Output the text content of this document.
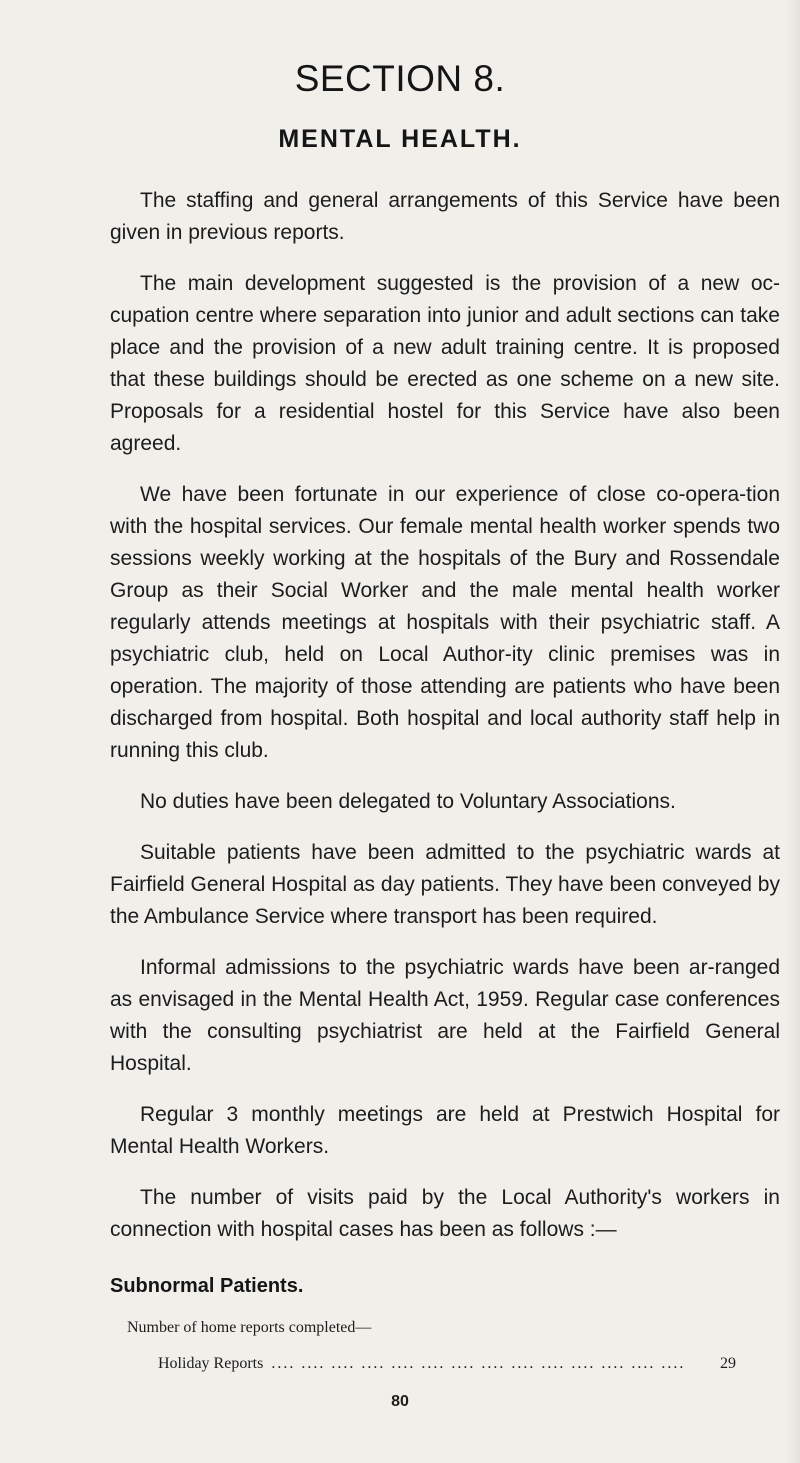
SECTION 8.
MENTAL HEALTH.

The staffing and general arrangements of this Service have been given in previous reports.

The main development suggested is the provision of a new oc-cupation centre where separation into junior and adult sections can take place and the provision of a new adult training centre. It is proposed that these buildings should be erected as one scheme on a new site. Proposals for a residential hostel for this Service have also been agreed.

We have been fortunate in our experience of close co-opera-tion with the hospital services. Our female mental health worker spends two sessions weekly working at the hospitals of the Bury and Rossendale Group as their Social Worker and the male mental health worker regularly attends meetings at hospitals with their psychiatric staff. A psychiatric club, held on Local Author-ity clinic premises was in operation. The majority of those attending are patients who have been discharged from hospital. Both hospital and local authority staff help in running this club.

No duties have been delegated to Voluntary Associations.

Suitable patients have been admitted to the psychiatric wards at Fairfield General Hospital as day patients. They have been conveyed by the Ambulance Service where transport has been required.

Informal admissions to the psychiatric wards have been ar-ranged as envisaged in the Mental Health Act, 1959. Regular case conferences with the consulting psychiatrist are held at the Fairfield General Hospital.

Regular 3 monthly meetings are held at Prestwich Hospital for Mental Health Workers.

The number of visits paid by the Local Authority's workers in connection with hospital cases has been as follows :—

Subnormal Patients.
Number of home reports completed—
Holiday Reports .... .... .... .... .... .... .... .... .... .... .... .... .... ....	29
80
